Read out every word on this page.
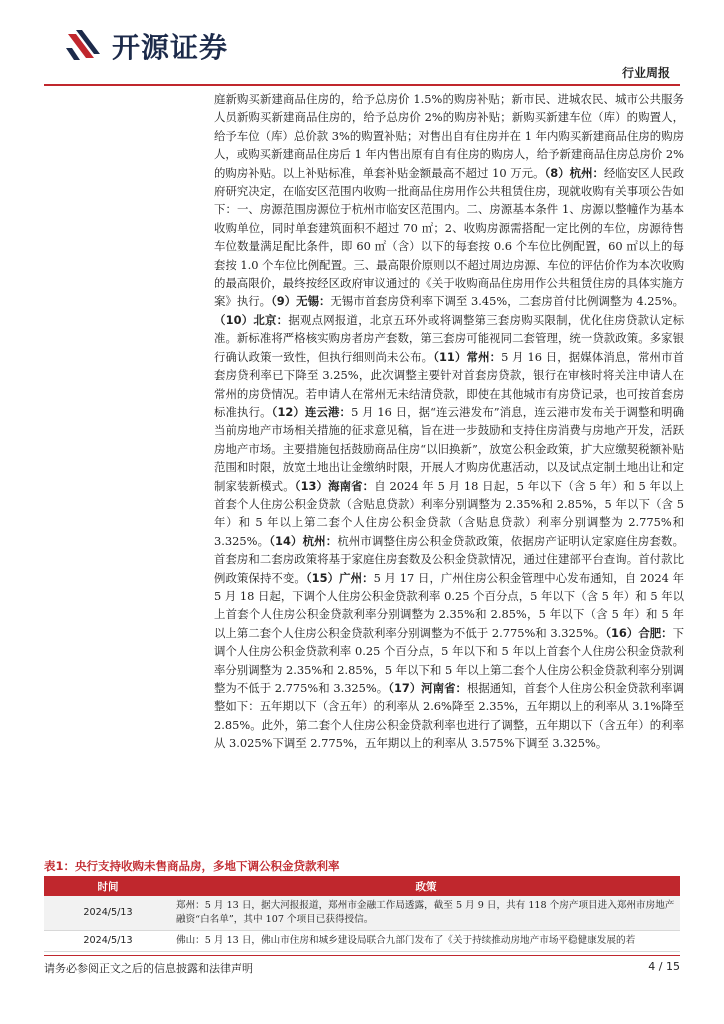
开源证券
行业周报
庭新购买新建商品住房的，给予总房价 1.5%的购房补贴；新市民、进城农民、城市公共服务人员新购买新建商品住房的，给予总房价 2%的购房补贴；新购买新建车位（库）的购置人，给予车位（库）总价款 3%的购置补贴；对售出自有住房并在 1 年内购买新建商品住房的购房人，或购买新建商品住房后 1 年内售出原有自有住房的购房人，给予新建商品住房总房价 2%的购房补贴。以上补贴标准，单套补贴金额最高不超过 10 万元。（8）杭州：经临安区人民政府研究决定，在临安区范围内收购一批商品住房用作公共租赁住房，现就收购有关事项公告如下：一、房源范围房源位于杭州市临安区范围内。二、房源基本条件 1、房源以整幢作为基本收购单位，同时单套建筑面积不超过 70 ㎡；2、收购房源需搭配一定比例的车位，房源待售车位数量满足配比条件，即 60 ㎡（含）以下的每套按 0.6 个车位比例配置，60 ㎡以上的每套按 1.0 个车位比例配置。三、最高限价原则以不超过周边房源、车位的评估价作为本次收购的最高限价，最终按经区政府审议通过的《关于收购商品住房用作公共租赁住房的具体实施方案》执行。（9）无锡：无锡市首套房贷利率下调至 3.45%，二套房首付比例调整为 4.25%。（10）北京：据观点网报道，北京五环外或将调整第三套房购买限制，优化住房贷款认定标准。新标准将严格核实购房者房产套数，第三套房可能视同二套管理，统一贷款政策。多家银行确认政策一致性，但执行细则尚未公布。（11）常州：5 月 16 日，据媒体消息，常州市首套房贷利率已下降至 3.25%，此次调整主要针对首套房贷款，银行在审核时将关注申请人在常州的房贷情况。若申请人在常州无未结清贷款，即使在其他城市有房贷记录，也可按首套房标准执行。（12）连云港：5 月 16 日，据“连云港发布”消息，连云港市发布关于调整和明确当前房地产市场相关措施的征求意见稿，旨在进一步鼓励和支持住房消费与房地产开发，活跃房地产市场。主要措施包括鼓励商品住房“以旧换新”，放宽公积金政策，扩大应缴契税额补贴范围和时限，放宽土地出让金缴纳时限，开展人才购房优惠活动，以及试点定制土地出让和定制家装新模式。（13）海南省：自 2024 年 5 月 18 日起，5 年以下（含 5 年）和 5 年以上首套个人住房公积金贷款（含贴息贷款）利率分别调整为 2.35%和 2.85%，5 年以下（含 5 年）和 5 年以上第二套个人住房公积金贷款（含贴息贷款）利率分别调整为 2.775%和 3.325%。（14）杭州：杭州市调整住房公积金贷款政策，依据房产证明认定家庭住房套数。首套房和二套房政策将基于家庭住房套数及公积金贷款情况，通过住建部平台查询。首付款比例政策保持不变。（15）广州：5 月 17 日，广州住房公积金管理中心发布通知，自 2024 年 5 月 18 日起，下调个人住房公积金贷款利率 0.25 个百分点，5 年以下（含 5 年）和 5 年以上首套个人住房公积金贷款利率分别调整为 2.35%和 2.85%，5 年以下（含 5 年）和 5 年以上第二套个人住房公积金贷款利率分别调整为不低于 2.775%和 3.325%。（16）合肥：下调个人住房公积金贷款利率 0.25 个百分点，5 年以下和 5 年以上首套个人住房公积金贷款利率分别调整为 2.35%和 2.85%，5 年以下和 5 年以上第二套个人住房公积金贷款利率分别调整为不低于 2.775%和 3.325%。（17）河南省：根据通知，首套个人住房公积金贷款利率调整如下：五年期以下（含五年）的利率从 2.6%降至 2.35%，五年期以上的利率从 3.1%降至 2.85%。此外，第二套个人住房公积金贷款利率也进行了调整，五年期以下（含五年）的利率从 3.025%下调至 2.775%，五年期以上的利率从 3.575%下调至 3.325%。
表1：央行支持收购未售商品房，多地下调公积金贷款利率
时间	政策
2024/5/13	郑州：5 月 13 日，据大河报报道，郑州市金融工作局透露，截至 5 月 9 日，共有 118 个房产项目进入郑州市房地产融资“白名单”，其中 107 个项目已获得授信。
2024/5/13	佛山：5 月 13 日，佛山市住房和城乡建设局联合九部门发布了《关于持续推动房地产市场平稳健康发展的若
请务必参阅正文之后的信息披露和法律声明	4 / 15
